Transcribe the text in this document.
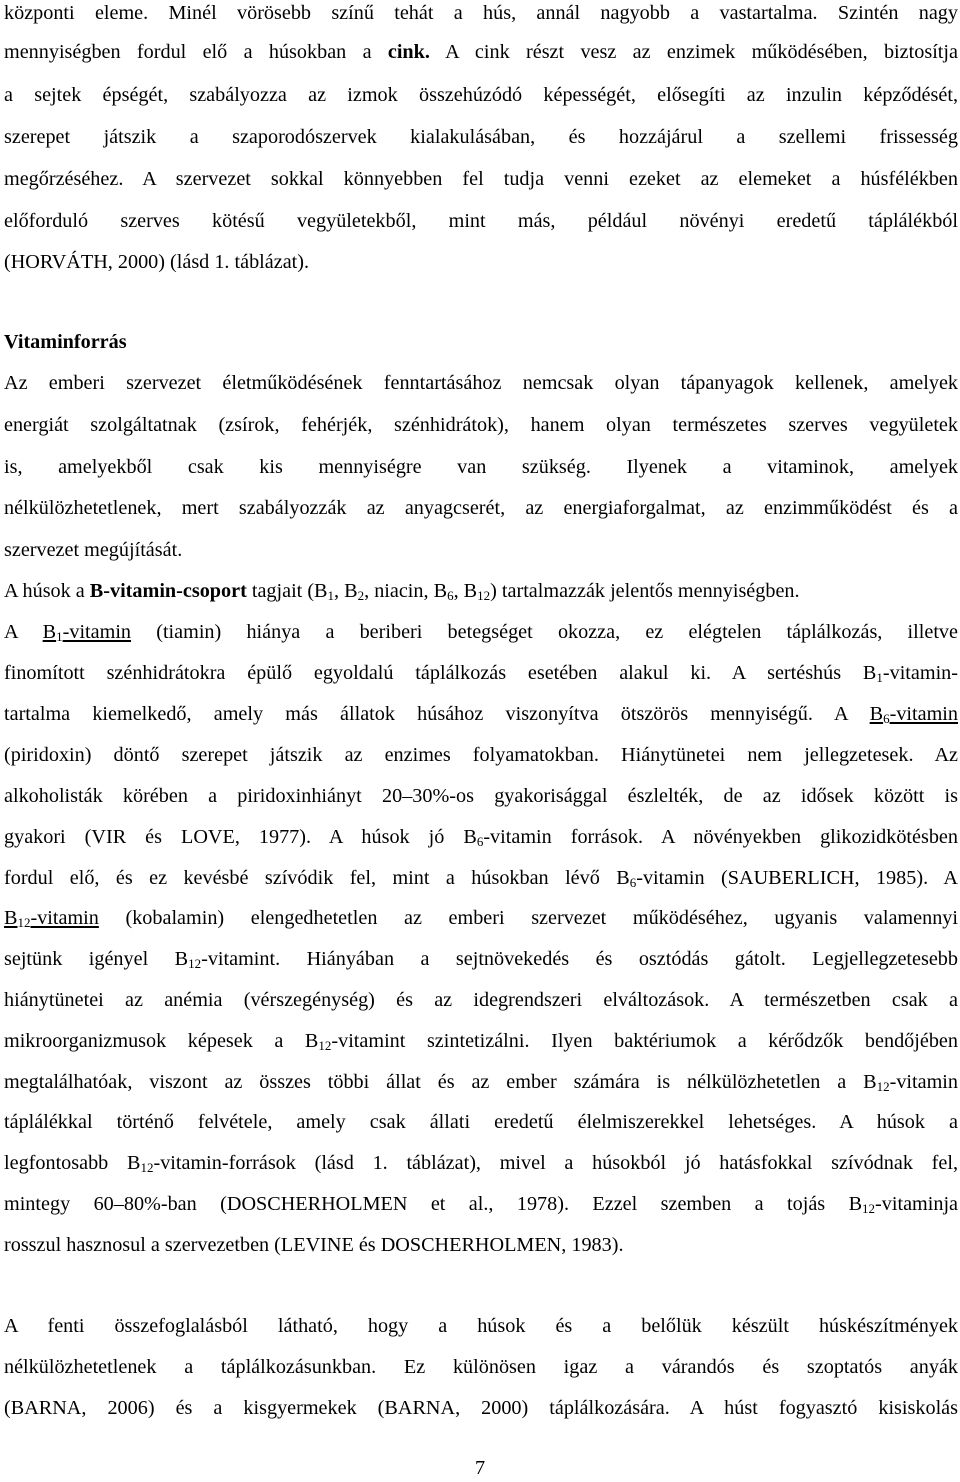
központi eleme. Minél vörösebb színű tehát a hús, annál nagyobb a vastartalma. Szintén nagy
mennyiségben fordul elő a húsokban a cink. A cink részt vesz az enzimek működésében, biztosítja
a sejtek épségét, szabályozza az izmok összehúzódó képességét, elősegíti az inzulin képződését,
szerepet játszik a szaporodószervek kialakulásában, és hozzájárul a szellemi frissesség
megőrzéséhez. A szervezet sokkal könnyebben fel tudja venni ezeket az elemeket a húsfélékben
előforduló szerves kötésű vegyületekből, mint más, például növényi eredetű táplálékból
(HORVÁTH, 2000) (lásd 1. táblázat).
Vitaminforrás
Az emberi szervezet életműködésének fenntartásához nemcsak olyan tápanyagok kellenek, amelyek
energiát szolgáltatnak (zsírok, fehérjék, szénhidrátok), hanem olyan természetes szerves vegyületek
is, amelyekből csak kis mennyiségre van szükség. Ilyenek a vitaminok, amelyek
nélkülözhetetlenek, mert szabályozzák az anyagcserét, az energiaforgalmat, az enzimműködést és a
szervezet megújítását.
A húsok a B-vitamin-csoport tagjait ($B_1$, $B_2$, niacin, $B_6$, $B_{12}$) tartalmazzák jelentős mennyiségben.
A $B_1$-vitamin (tiamin) hiánya a beriberi betegséget okozza, ez elégtelen táplálkozás, illetve
finomított szénhidrátokra épülő egyoldalú táplálkozás esetében alakul ki. A sertéshús $B_1-vitamin-$
tartalma kiemelkedő, amely más állatok húsához viszonyítva ötszörös mennyiségű. A $B_6$-vitamin
(piridoxin) döntő szerepet játszik az enzimes folyamatokban. Hiánytünetei nem jellegzetesek. Az
alkoholisták körében a piridoxinhiányt 20–30%-os gyakorisággal észlelték, de az idősek között is
gyakori (VIR és LOVE, 1977). A húsok jó $B_6$-vitamin források. A növényekben glikozidkötésben
fordul elő, és ez kevésbé szívódik fel, mint a húsokban lévő $B_6$-vitamin (SAUBERLICH, 1985). A
$B_{12}$-vitamin (kobalamin) elengedhetetlen az emberi szervezet működéséhez, ugyanis valamennyi
sejtünk igényel $B_{12}$-vitamint. Hiányában a sejtnövekedés és osztódás gátolt. Legjellegzetesebb
hiánytünetei az anémia (vérszegénység) és az idegrendszeri elváltozások. A természetben csak a
mikroorganizmusok képesek a $B_{12}$-vitamint szintetizálni. Ilyen baktériumok a kérődzők bendőjében
megtalálhatóak, viszont az összes többi állat és az ember számára is nélkülözhetetlen a $B_{12}$-vitamin
táplálékkal történő felvétele, amely csak állati eredetű élelmiszerekkel lehetséges. A húsok a
legfontosabb $B_{12}-vitamin$-források (lásd 1. táblázat), mivel a húsokból jó hatásfokkal szívódnak fel,
mintegy 60–80%-ban (DOSCHERHOLMEN et al., 1978). Ezzel szemben a tojás $B_{12}$-vitaminja
rosszul hasznosul a szervezetben (LEVINE és DOSCHERHOLMEN, 1983).
A fenti összefoglalásból látható, hogy a húsok és a belőlük készült húskészítmények
nélkülözhetetlenek a táplálkozásunkban. Ez különösen igaz a várandós és szoptatós anyák
(BARNA, 2006) és a kisgyermekek (BARNA, 2000) táplálkozására. A húst fogyasztó kisiskolás
7
